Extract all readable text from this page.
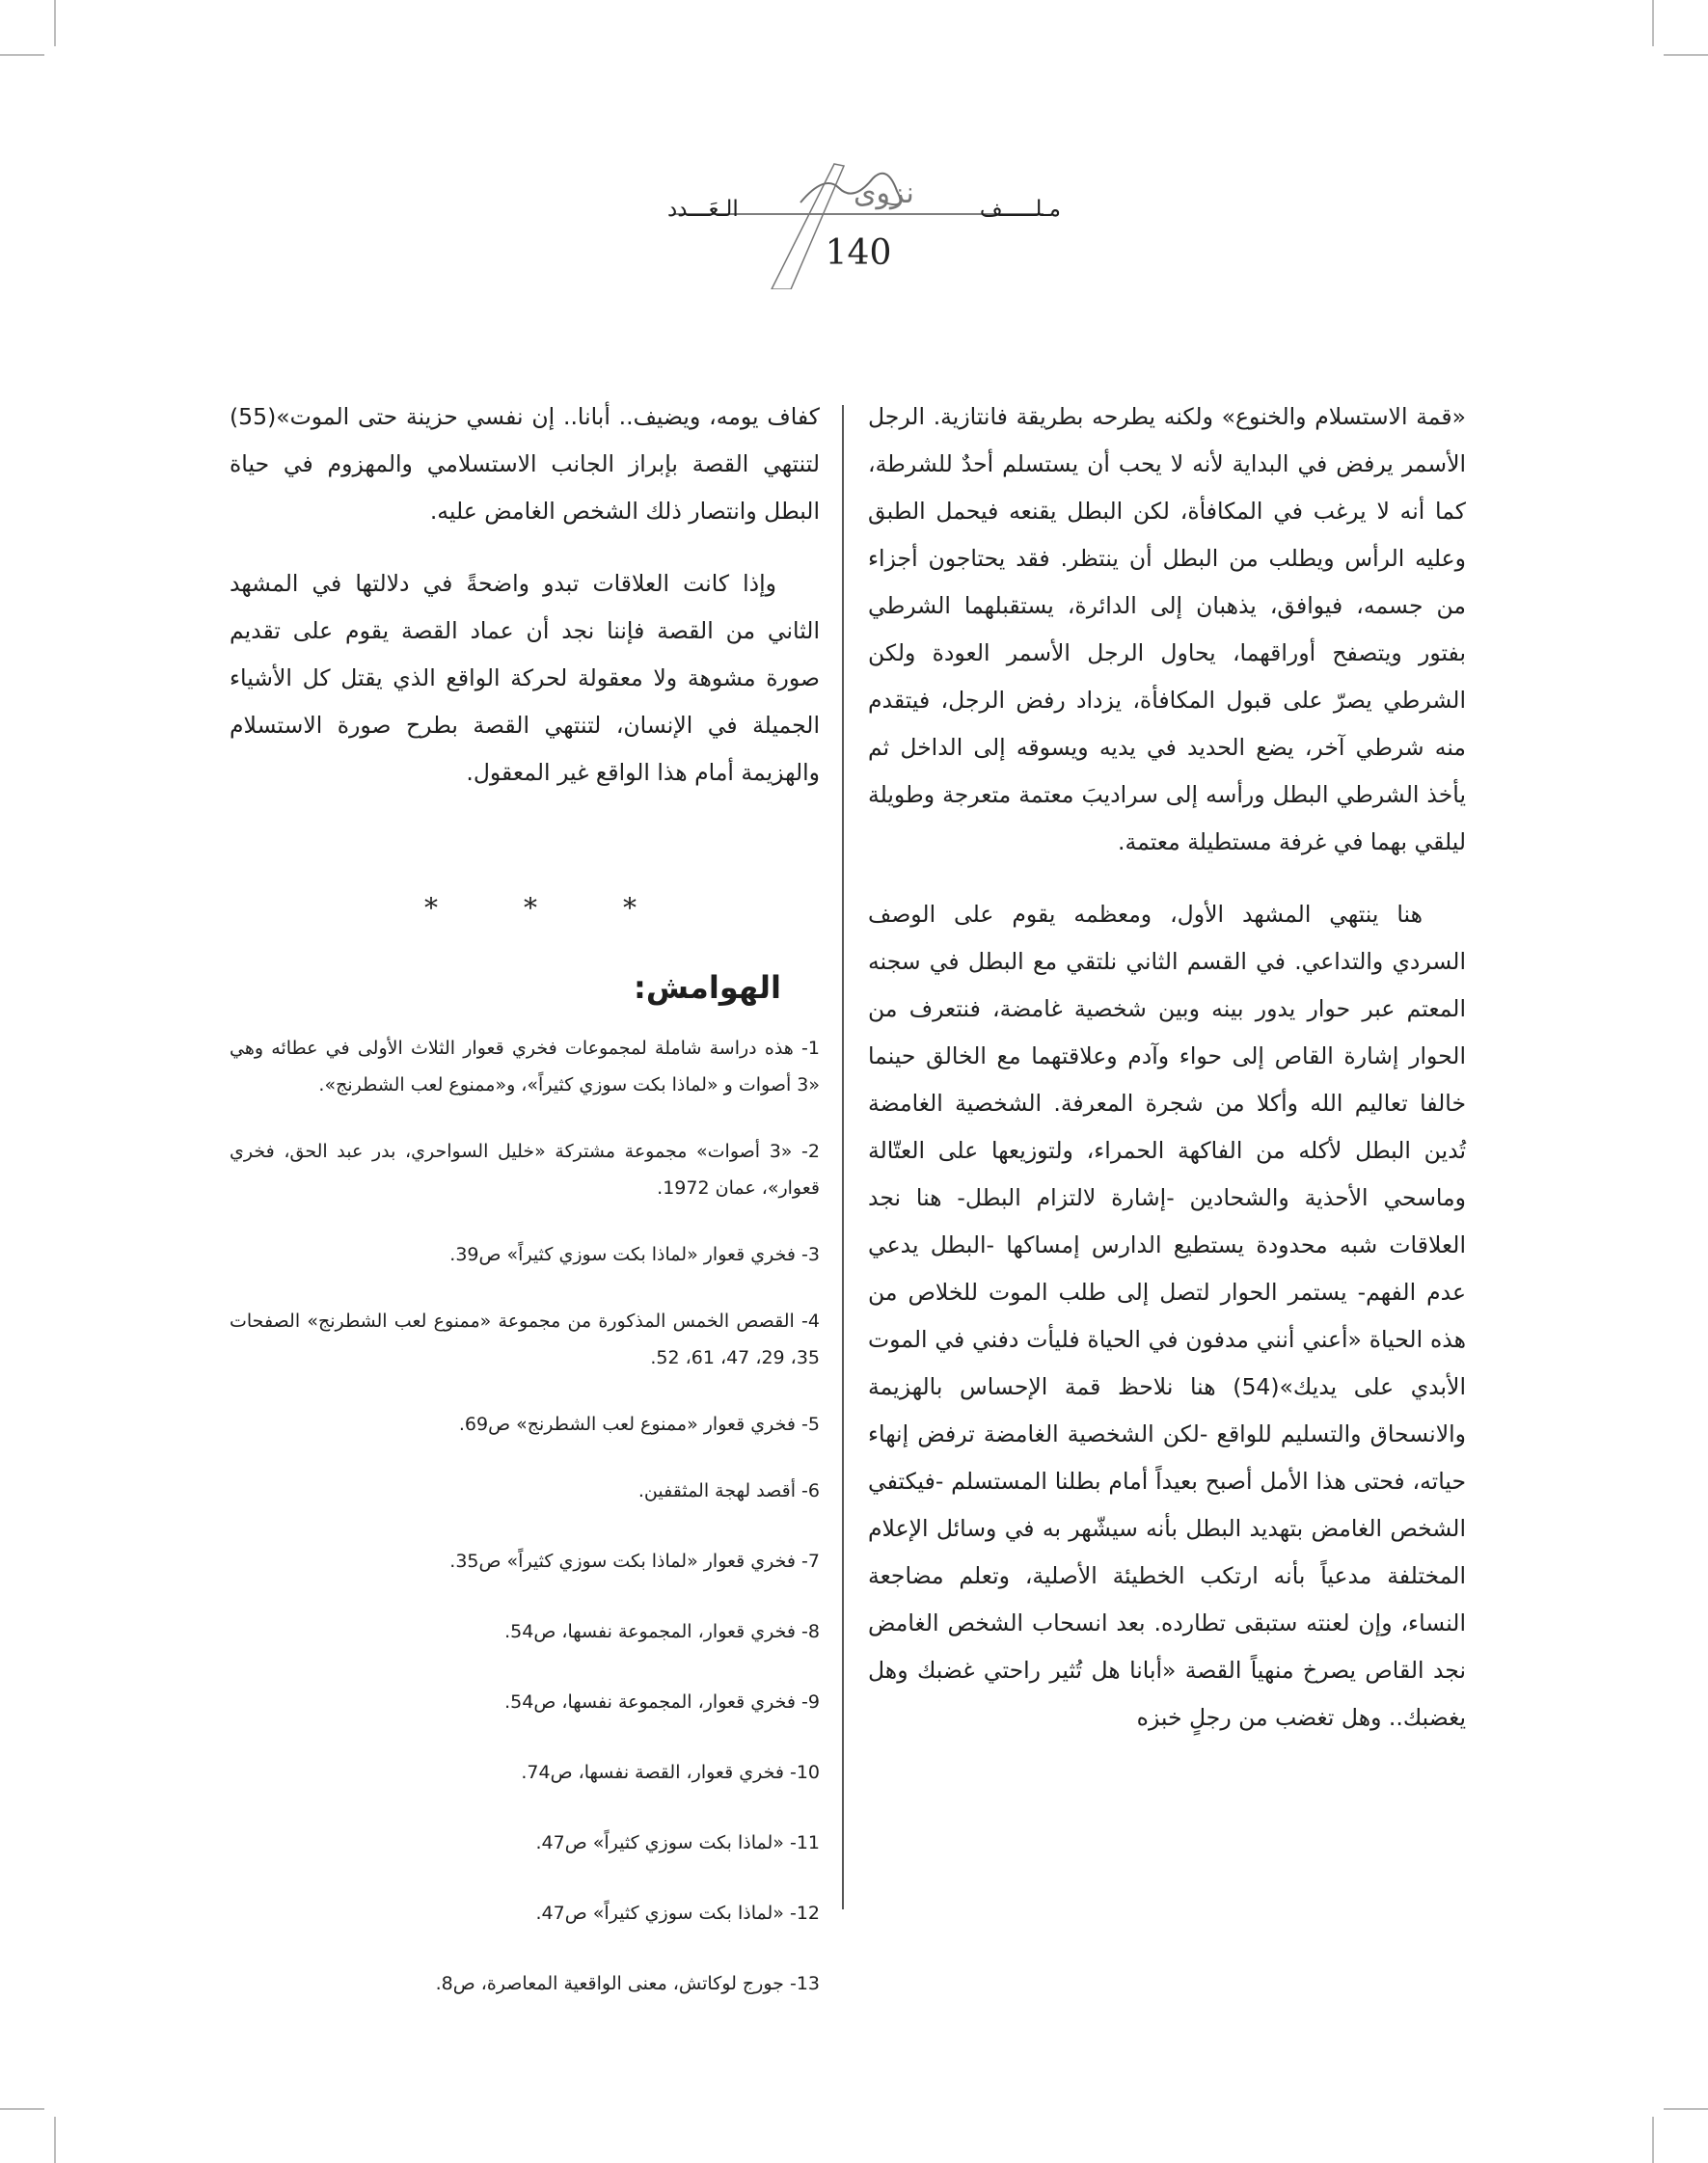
نزوى	مـلـــــف
الـعَـــدد
140

«قمة الاستسلام والخنوع» ولكنه يطرحه بطريقة فانتازية. الرجل الأسمر يرفض في البداية لأنه لا يحب أن يستسلم أحدٌ للشرطة، كما أنه لا يرغب في المكافأة، لكن البطل يقنعه فيحمل الطبق وعليه الرأس ويطلب من البطل أن ينتظر. فقد يحتاجون أجزاء من جسمه، فيوافق، يذهبان إلى الدائرة، يستقبلهما الشرطي بفتور ويتصفح أوراقهما، يحاول الرجل الأسمر العودة ولكن الشرطي يصرّ على قبول المكافأة، يزداد رفض الرجل، فيتقدم منه شرطي آخر، يضع الحديد في يديه ويسوقه إلى الداخل ثم يأخذ الشرطي البطل ورأسه إلى سراديبَ معتمة متعرجة وطويلة ليلقي بهما في غرفة مستطيلة معتمة.

هنا ينتهي المشهد الأول، ومعظمه يقوم على الوصف السردي والتداعي. في القسم الثاني نلتقي مع البطل في سجنه المعتم عبر حوار يدور بينه وبين شخصية غامضة، فنتعرف من الحوار إشارة القاص إلى حواء وآدم وعلاقتهما مع الخالق حينما خالفا تعاليم الله وأكلا من شجرة المعرفة. الشخصية الغامضة تُدين البطل لأكله من الفاكهة الحمراء، ولتوزيعها على العتّالة وماسحي الأحذية والشحادين -إشارة لالتزام البطل- هنا نجد العلاقات شبه محدودة يستطيع الدارس إمساكها -البطل يدعي عدم الفهم- يستمر الحوار لتصل إلى طلب الموت للخلاص من هذه الحياة «أعني أنني مدفون في الحياة فليأت دفني في الموت الأبدي على يديك»(54) هنا نلاحظ قمة الإحساس بالهزيمة والانسحاق والتسليم للواقع -لكن الشخصية الغامضة ترفض إنهاء حياته، فحتى هذا الأمل أصبح بعيداً أمام بطلنا المستسلم -فيكتفي الشخص الغامض بتهديد البطل بأنه سيشّهر به في وسائل الإعلام المختلفة مدعياً بأنه ارتكب الخطيئة الأصلية، وتعلم مضاجعة النساء، وإن لعنته ستبقى تطارده. بعد انسحاب الشخص الغامض نجد القاص يصرخ منهياً القصة «أبانا هل تُثير راحتي غضبك وهل يغضبك.. وهل تغضب من رجلٍ خبزه

كفاف يومه، ويضيف.. أبانا.. إن نفسي حزينة حتى الموت»(55) لتنتهي القصة بإبراز الجانب الاستسلامي والمهزوم في حياة البطل وانتصار ذلك الشخص الغامض عليه.

وإذا كانت العلاقات تبدو واضحةً في دلالتها في المشهد الثاني من القصة فإننا نجد أن عماد القصة يقوم على تقديم صورة مشوهة ولا معقولة لحركة الواقع الذي يقتل كل الأشياء الجميلة في الإنسان، لتنتهي القصة بطرح صورة الاستسلام والهزيمة أمام هذا الواقع غير المعقول.

*	*	*
الهوامش:

1- هذه دراسة شاملة لمجموعات فخري قعوار الثلاث الأولى في عطائه وهي «3 أصوات و «لماذا بكت سوزي كثيراً»، و«ممنوع لعب الشطرنج».

2- «3 أصوات» مجموعة مشتركة «خليل السواحري، بدر عبد الحق، فخري قعوار»، عمان 1972.

3- فخري قعوار «لماذا بكت سوزي كثيراً» ص39.

4- القصص الخمس المذكورة من مجموعة «ممنوع لعب الشطرنج» الصفحات 35، 29، 47، 61، 52.

5- فخري قعوار «ممنوع لعب الشطرنج» ص69.

6- أقصد لهجة المثقفين.

7- فخري قعوار «لماذا بكت سوزي كثيراً» ص35.

8- فخري قعوار، المجموعة نفسها، ص54.

9- فخري قعوار، المجموعة نفسها، ص54.

10- فخري قعوار، القصة نفسها، ص74.

11- «لماذا بكت سوزي كثيراً» ص47.

12- «لماذا بكت سوزي كثيراً» ص47.

13- جورج لوكاتش، معنى الواقعية المعاصرة، ص8.
